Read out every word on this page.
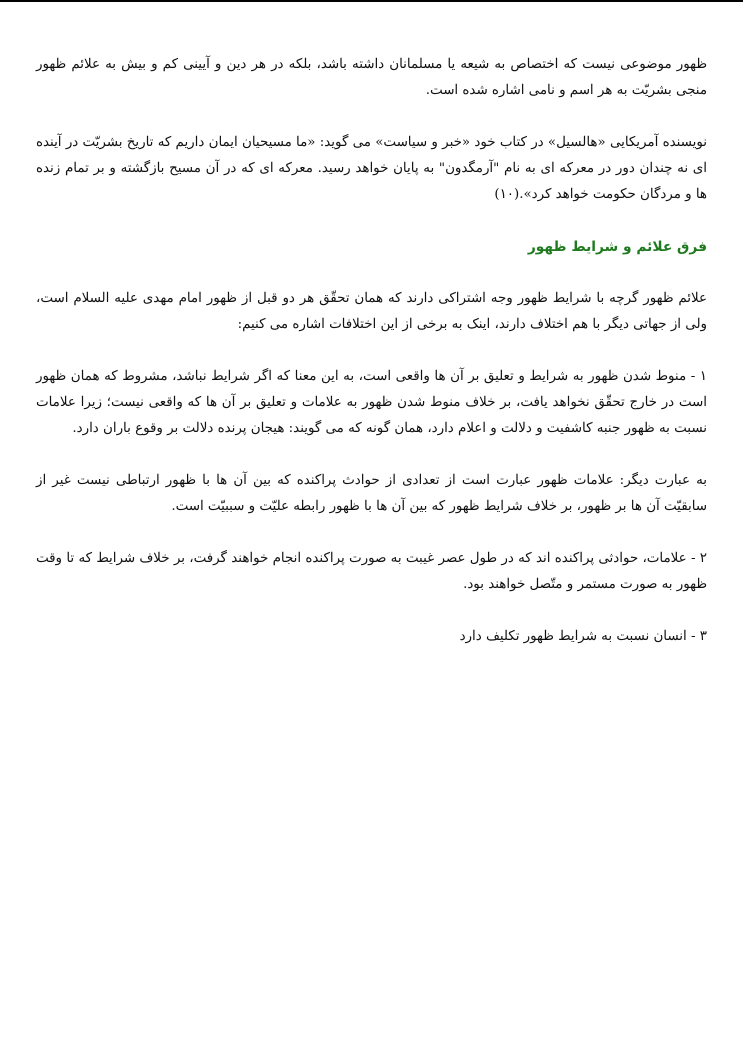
ظهور موضوعی نیست که اختصاص به شیعه یا مسلمانان داشته باشد، بلکه در هر دین و آیینی کم و بیش به علائم ظهور منجی بشریّت به هر اسم و نامی اشاره شده است.

نویسنده آمریکایی «هالسیل» در کتاب خود «خبر و سیاست» می گوید: «ما مسیحیان ایمان داریم که تاریخ بشریّت در آینده ای نه چندان دور در معرکه ای به نام "آرمگدون" به پایان خواهد رسید. معرکه ای که در آن مسیح بازگشته و بر تمام زنده ها و مردگان حکومت خواهد کرد».(۱۰)

فرق علائم و شرایط ظهور

علائم ظهور گرچه با شرایط ظهور وجه اشتراکی دارند که همان تحقّق هر دو قبل از ظهور امام مهدی علیه السلام است، ولی از جهاتی دیگر با هم اختلاف دارند، اینک به برخی از این اختلافات اشاره می کنیم:

۱ - منوط شدن ظهور به شرایط و تعلیق بر آن ها واقعی است، به این معنا که اگر شرایط نباشد، مشروط که همان ظهور است در خارج تحقّق نخواهد یافت، بر خلاف منوط شدن ظهور به علامات و تعلیق بر آن ها که واقعی نیست؛ زیرا علامات نسبت به ظهور جنبه کاشفیت و دلالت و اعلام دارد، همان گونه که می گویند: هیجان پرنده دلالت بر وقوع باران دارد.

به عبارت دیگر: علامات ظهور عبارت است از تعدادی از حوادث پراکنده که بین آن ها با ظهور ارتباطی نیست غیر از سابقیّت آن ها بر ظهور، بر خلاف شرایط ظهور که بین آن ها با ظهور رابطه علیّت و سببیّت است.

۲ - علامات، حوادثی پراکنده اند که در طول عصر غیبت به صورت پراکنده انجام خواهند گرفت، بر خلاف شرایط که تا وقت ظهور به صورت مستمر و متّصل خواهند بود.

۳ - انسان نسبت به شرایط ظهور تکلیف دارد
